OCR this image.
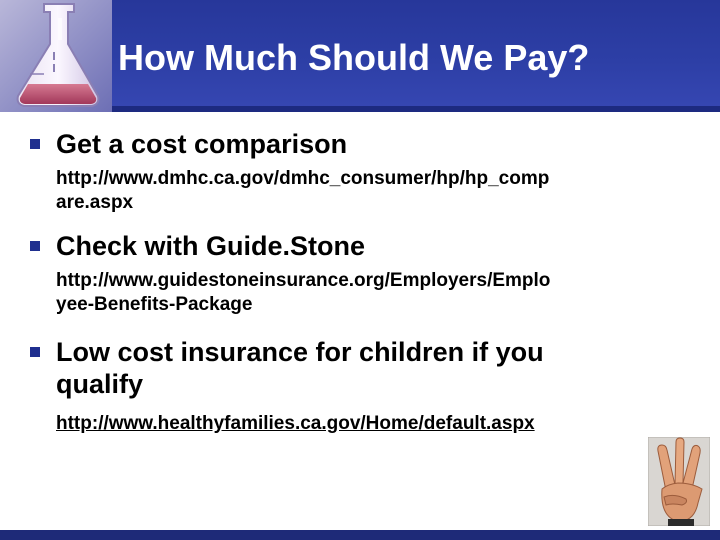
How Much Should We Pay?

Get a cost comparison

http://www.dmhc.ca.gov/dmhc_consumer/hp/hp_comp
are.aspx

Check with Guide.Stone

http://www.guidestoneinsurance.org/Employers/Emplo
yee-Benefits-Package

Low cost insurance for children if you
qualify

http://www.healthyfamilies.ca.gov/Home/default.aspx
